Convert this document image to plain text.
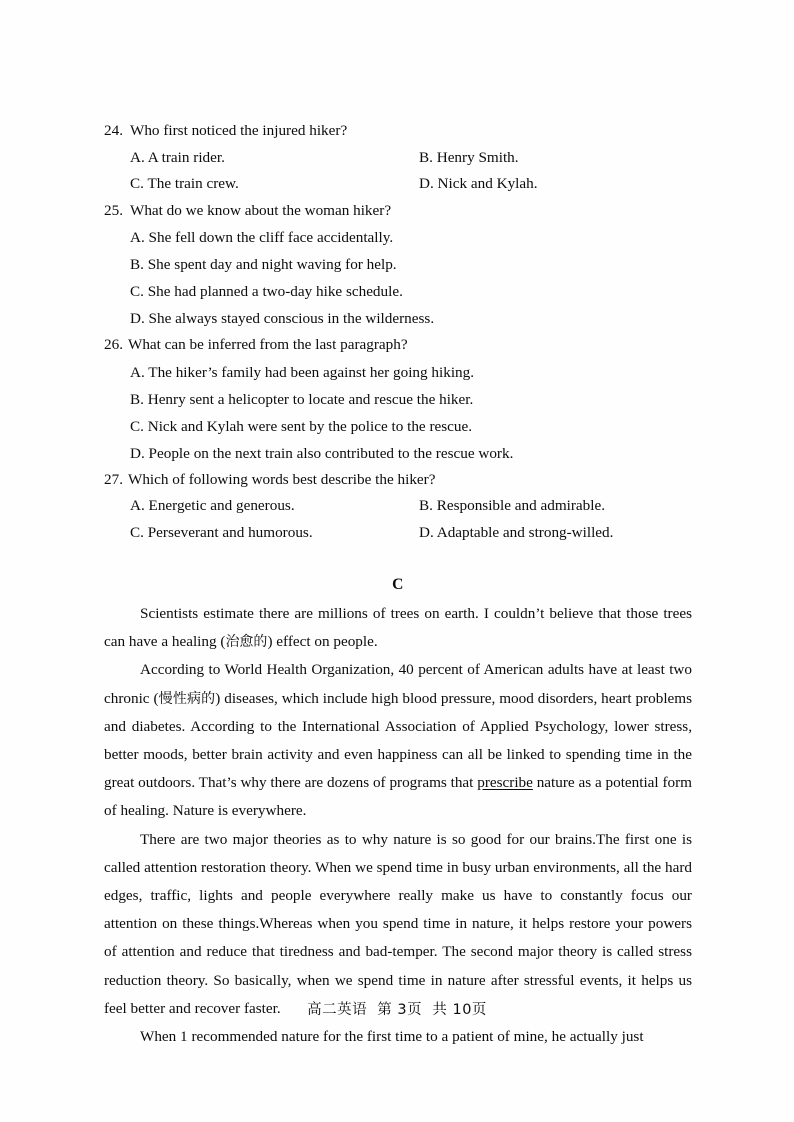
24. Who first noticed the injured hiker?
A. A train rider.	B. Henry Smith.
C. The train crew.	D. Nick and Kylah.
25. What do we know about the woman hiker?
A. She fell down the cliff face accidentally.
B. She spent day and night waving for help.
C. She had planned a two-day hike schedule.
D. She always stayed conscious in the wilderness.
26. What can be inferred from the last paragraph?
A. The hiker’s family had been against her going hiking.
B. Henry sent a helicopter to locate and rescue the hiker.
C. Nick and Kylah were sent by the police to the rescue.
D. People on the next train also contributed to the rescue work.
27. Which of following words best describe the hiker?
A. Energetic and generous.	B. Responsible and admirable.
C. Perseverant and humorous.	D. Adaptable and strong-willed.
C

Scientists estimate there are millions of trees on earth. I couldn’t believe that those trees can have a healing (治愈的) effect on people.

According to World Health Organization, 40 percent of American adults have at least two chronic (慢性病的) diseases, which include high blood pressure, mood disorders, heart problems and diabetes. According to the International Association of Applied Psychology, lower stress, better moods, better brain activity and even happiness can all be linked to spending time in the great outdoors. That’s why there are dozens of programs that prescribe nature as a potential form of healing. Nature is everywhere.

There are two major theories as to why nature is so good for our brains.The first one is called attention restoration theory. When we spend time in busy urban environments, all the hard edges, traffic, lights and people everywhere really make us have to constantly focus our attention on these things.Whereas when you spend time in nature, it helps restore your powers of attention and reduce that tiredness and bad-temper. The second major theory is called stress reduction theory. So basically, when we spend time in nature after stressful events, it helps us feel better and recover faster.

When 1 recommended nature for the first time to a patient of mine, he actually just

高二英语 第 3页 共 10页
